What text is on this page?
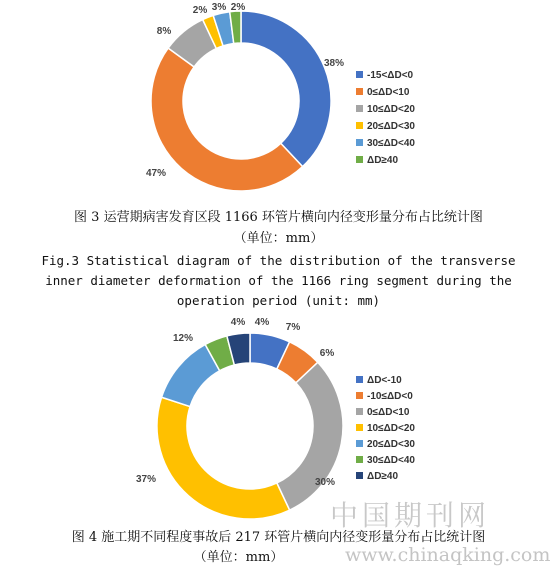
38%
-15<ΔD<0
47%
0≤ΔD<10
8%
10≤ΔD<20
2%
20≤ΔD<30
3%
30≤ΔD<40
2%
ΔD≥40
7%
ΔD<-10
6%
-10≤ΔD<0
30%
0≤ΔD<10
37%
10≤ΔD<20
12%
20≤ΔD<30
4%
30≤ΔD<40
4%
ΔD≥40
图 3 运营期病害发育区段 1166 环管片横向内径变形量分布占比统计图
（单位：mm）
Fig.3 Statistical diagram of the distribution of the transverse
inner diameter deformation of the 1166 ring segment during the
operation period (unit: mm)
图 4 施工期不同程度事故后 217 环管片横向内径变形量分布占比统计图
（单位：mm）
中国期刊网
www.chinaqking.com
